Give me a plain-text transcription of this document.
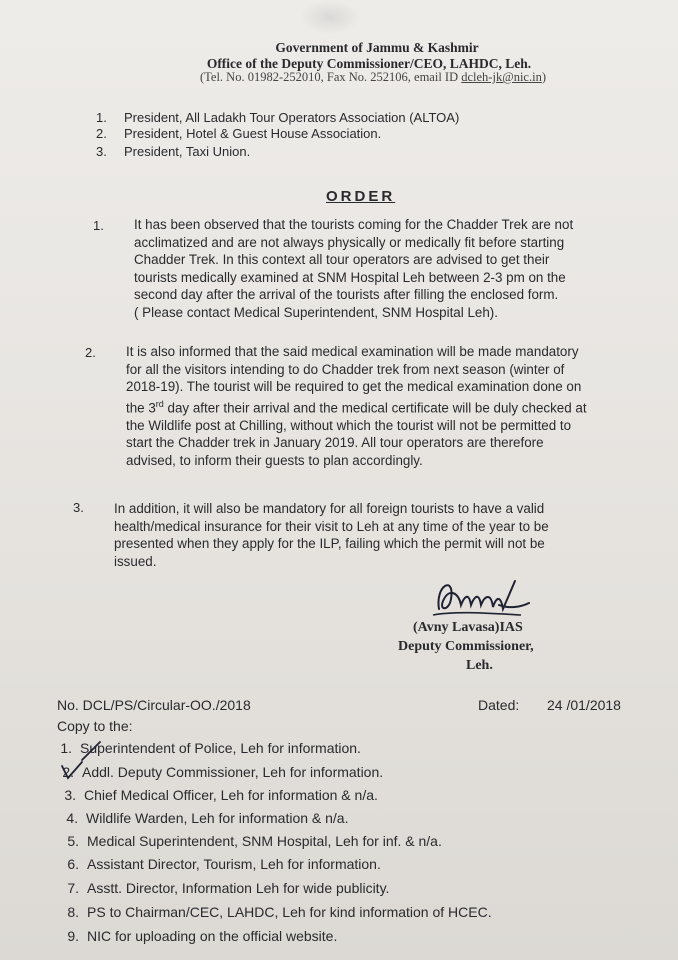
Government of Jammu & Kashmir
Office of the Deputy Commissioner/CEO, LAHDC, Leh.
(Tel. No. 01982-252010, Fax No. 252106, email ID dcleh-jk@nic.in)
1. President, All Ladakh Tour Operators Association (ALTOA)
2. President, Hotel & Guest House Association.
3. President, Taxi Union.
ORDER
1. It has been observed that the tourists coming for the Chadder Trek are not
acclimatized and are not always physically or medically fit before starting
Chadder Trek. In this context all tour operators are advised to get their
tourists medically examined at SNM Hospital Leh between 2-3 pm on the
second day after the arrival of the tourists after filling the enclosed form.
( Please contact Medical Superintendent, SNM Hospital Leh).
2. It is also informed that the said medical examination will be made mandatory
for all the visitors intending to do Chadder trek from next season (winter of
2018-19). The tourist will be required to get the medical examination done on
the 3rd day after their arrival and the medical certificate will be duly checked at
the Wildlife post at Chilling, without which the tourist will not be permitted to
start the Chadder trek in January 2019. All tour operators are therefore
advised, to inform their guests to plan accordingly.
3. In addition, it will also be mandatory for all foreign tourists to have a valid
health/medical insurance for their visit to Leh at any time of the year to be
presented when they apply for the ILP, failing which the permit will not be
issued.
(Avny Lavasa)IAS
Deputy Commissioner,
Leh.
No. DCL/PS/Circular-OO./2018	Dated: 24 /01/2018
Copy to the:
1. Superintendent of Police, Leh for information.
2. Addl. Deputy Commissioner, Leh for information.
3. Chief Medical Officer, Leh for information & n/a.
4. Wildlife Warden, Leh for information & n/a.
5. Medical Superintendent, SNM Hospital, Leh for inf. & n/a.
6. Assistant Director, Tourism, Leh for information.
7. Asstt. Director, Information Leh for wide publicity.
8. PS to Chairman/CEC, LAHDC, Leh for kind information of HCEC.
9. NIC for uploading on the official website.
